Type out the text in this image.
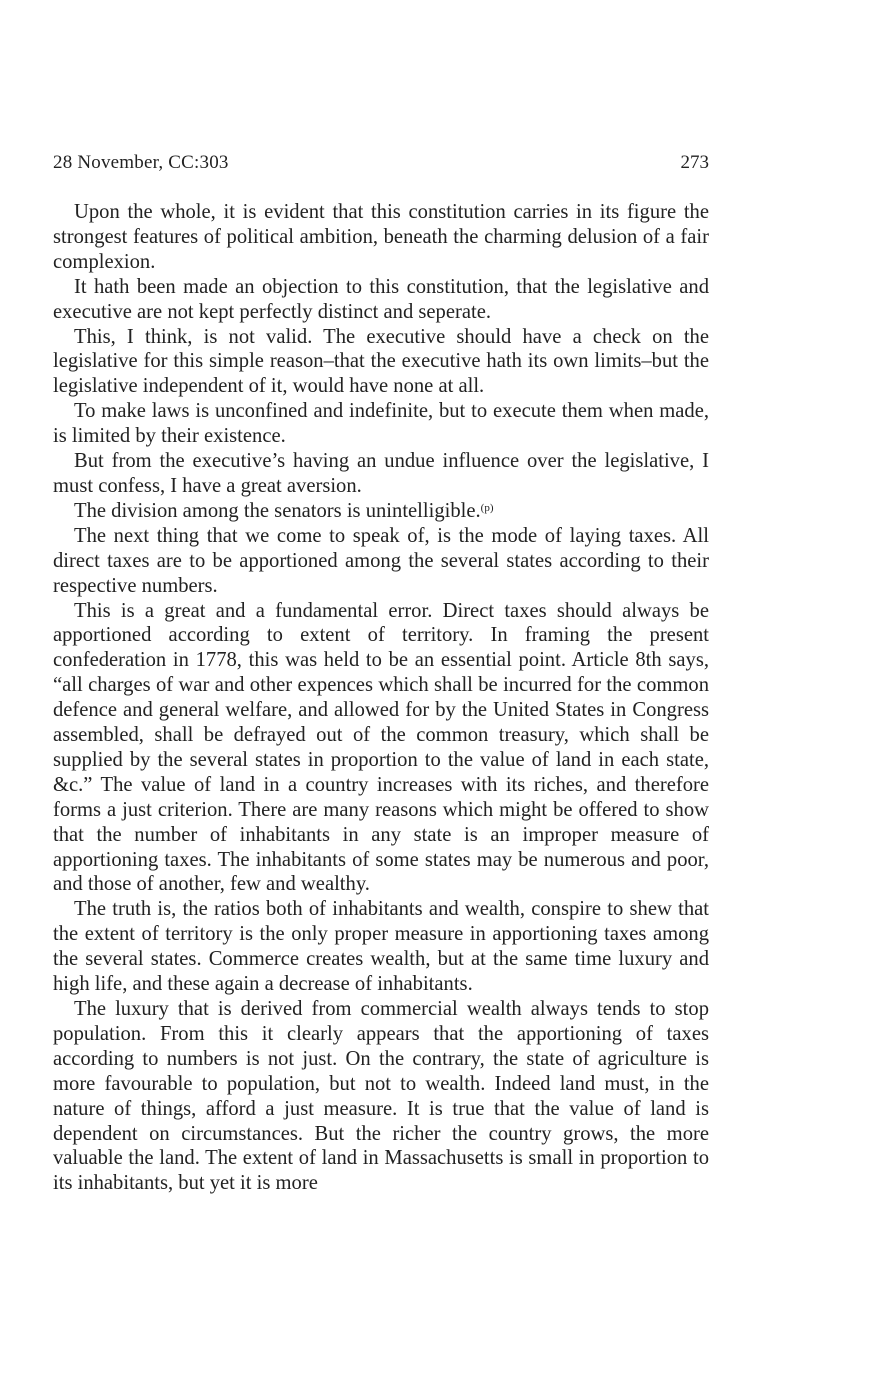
28 November, CC:303	273

Upon the whole, it is evident that this constitution carries in its figure the strongest features of political ambition, beneath the charming delusion of a fair complexion.

It hath been made an objection to this constitution, that the legislative and executive are not kept perfectly distinct and seperate.

This, I think, is not valid. The executive should have a check on the legislative for this simple reason–that the executive hath its own limits–but the legislative independent of it, would have none at all.

To make laws is unconfined and indefinite, but to execute them when made, is limited by their existence.

But from the executive’s having an undue influence over the legislative, I must confess, I have a great aversion.

The division among the senators is unintelligible.$^{(p)}$

The next thing that we come to speak of, is the mode of laying taxes. All direct taxes are to be apportioned among the several states according to their respective numbers.

This is a great and a fundamental error. Direct taxes should always be apportioned according to extent of territory. In framing the present confederation in 1778, this was held to be an essential point. Article 8th says, “all charges of war and other expences which shall be incurred for the common defence and general welfare, and allowed for by the United States in Congress assembled, shall be defrayed out of the common treasury, which shall be supplied by the several states in proportion to the value of land in each state, &c.” The value of land in a country increases with its riches, and therefore forms a just criterion. There are many reasons which might be offered to show that the number of inhabitants in any state is an improper measure of apportioning taxes. The inhabitants of some states may be numerous and poor, and those of another, few and wealthy.

The truth is, the ratios both of inhabitants and wealth, conspire to shew that the extent of territory is the only proper measure in apportioning taxes among the several states. Commerce creates wealth, but at the same time luxury and high life, and these again a decrease of inhabitants.

The luxury that is derived from commercial wealth always tends to stop population. From this it clearly appears that the apportioning of taxes according to numbers is not just. On the contrary, the state of agriculture is more favourable to population, but not to wealth. Indeed land must, in the nature of things, afford a just measure. It is true that the value of land is dependent on circumstances. But the richer the country grows, the more valuable the land. The extent of land in Massachusetts is small in proportion to its inhabitants, but yet it is more
